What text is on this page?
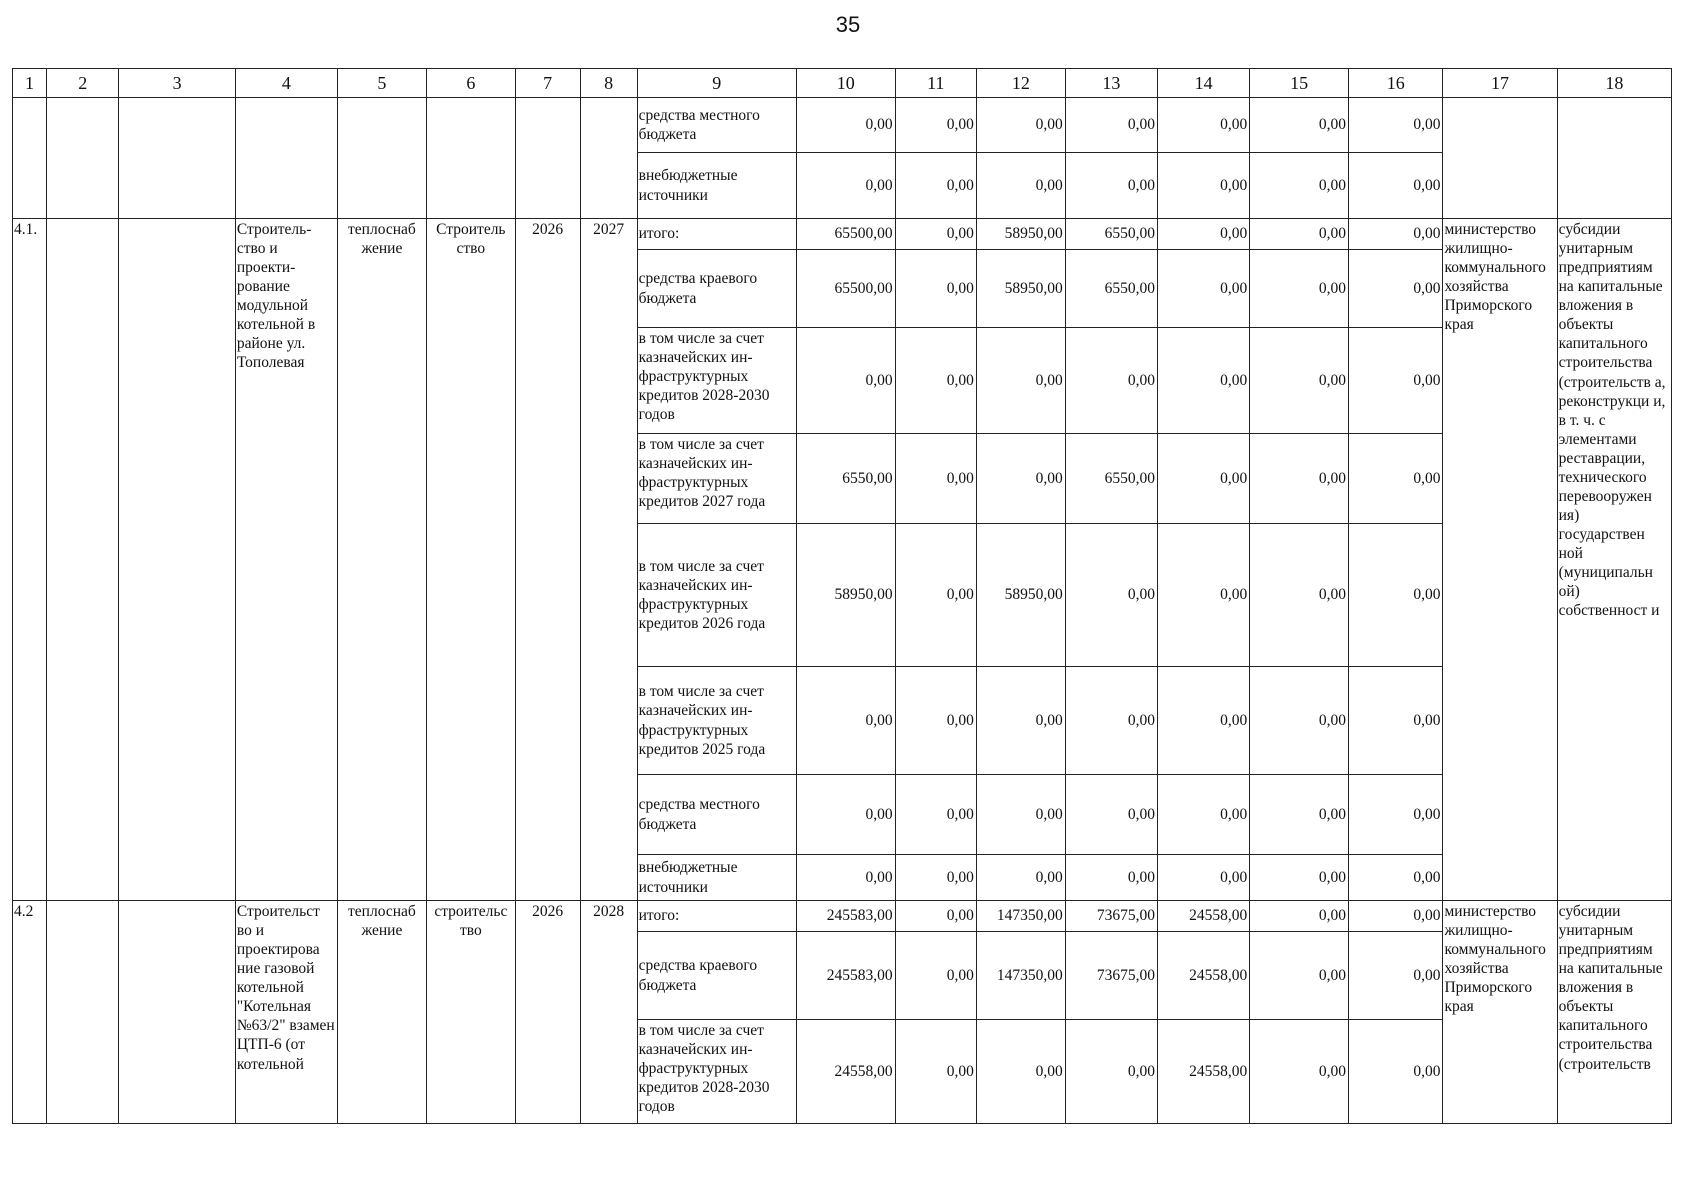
35
1	2	3	4	5	6	7	8	9	10	11	12	13	14	15	16	17	18
								средства местного бюджета	0,00	0,00	0,00	0,00	0,00	0,00	0,00		
								внебюджетные источники	0,00	0,00	0,00	0,00	0,00	0,00	0,00		
4.1.			Строитель-ство и проекти-рование модульной котельной в районе ул. Тополевая	теплоснаб жение	Строитель ство	2026	2027	итого:	65500,00	0,00	58950,00	6550,00	0,00	0,00	0,00	министерство жилищно-коммунального хозяйства Приморского края	субсидии унитарным предприятиям на капитальные вложения в объекты капитального строительства (строительств а, реконструкци и, в т. ч. с элементами реставрации, технического перевооружен ия) государствен ной (муниципальн ой) собственност и
								средства краевого бюджета	65500,00	0,00	58950,00	6550,00	0,00	0,00	0,00		
								в том числе за счет казначейских ин-фраструктурных кредитов 2028-2030 годов	0,00	0,00	0,00	0,00	0,00	0,00	0,00		
								в том числе за счет казначейских ин-фраструктурных кредитов 2027 года	6550,00	0,00	0,00	6550,00	0,00	0,00	0,00		
								в том числе за счет казначейских ин-фраструктурных кредитов 2026 года	58950,00	0,00	58950,00	0,00	0,00	0,00	0,00		
								в том числе за счет казначейских ин-фраструктурных кредитов 2025 года	0,00	0,00	0,00	0,00	0,00	0,00	0,00		
								средства местного бюджета	0,00	0,00	0,00	0,00	0,00	0,00	0,00		
								внебюджетные источники	0,00	0,00	0,00	0,00	0,00	0,00	0,00		
4.2			Строительст во и проектирова ние газовой котельной "Котельная №63/2" взамен ЦТП-6 (от котельной	теплоснаб жение	строительс тво	2026	2028	итого:	245583,00	0,00	147350,00	73675,00	24558,00	0,00	0,00	министерство жилищно-коммунального хозяйства Приморского края	субсидии унитарным предприятиям на капитальные вложения в объекты капитального строительства (строительств
								средства краевого бюджета	245583,00	0,00	147350,00	73675,00	24558,00	0,00	0,00		
								в том числе за счет казначейских ин-фраструктурных кредитов 2028-2030 годов	24558,00	0,00	0,00	0,00	24558,00	0,00	0,00		
